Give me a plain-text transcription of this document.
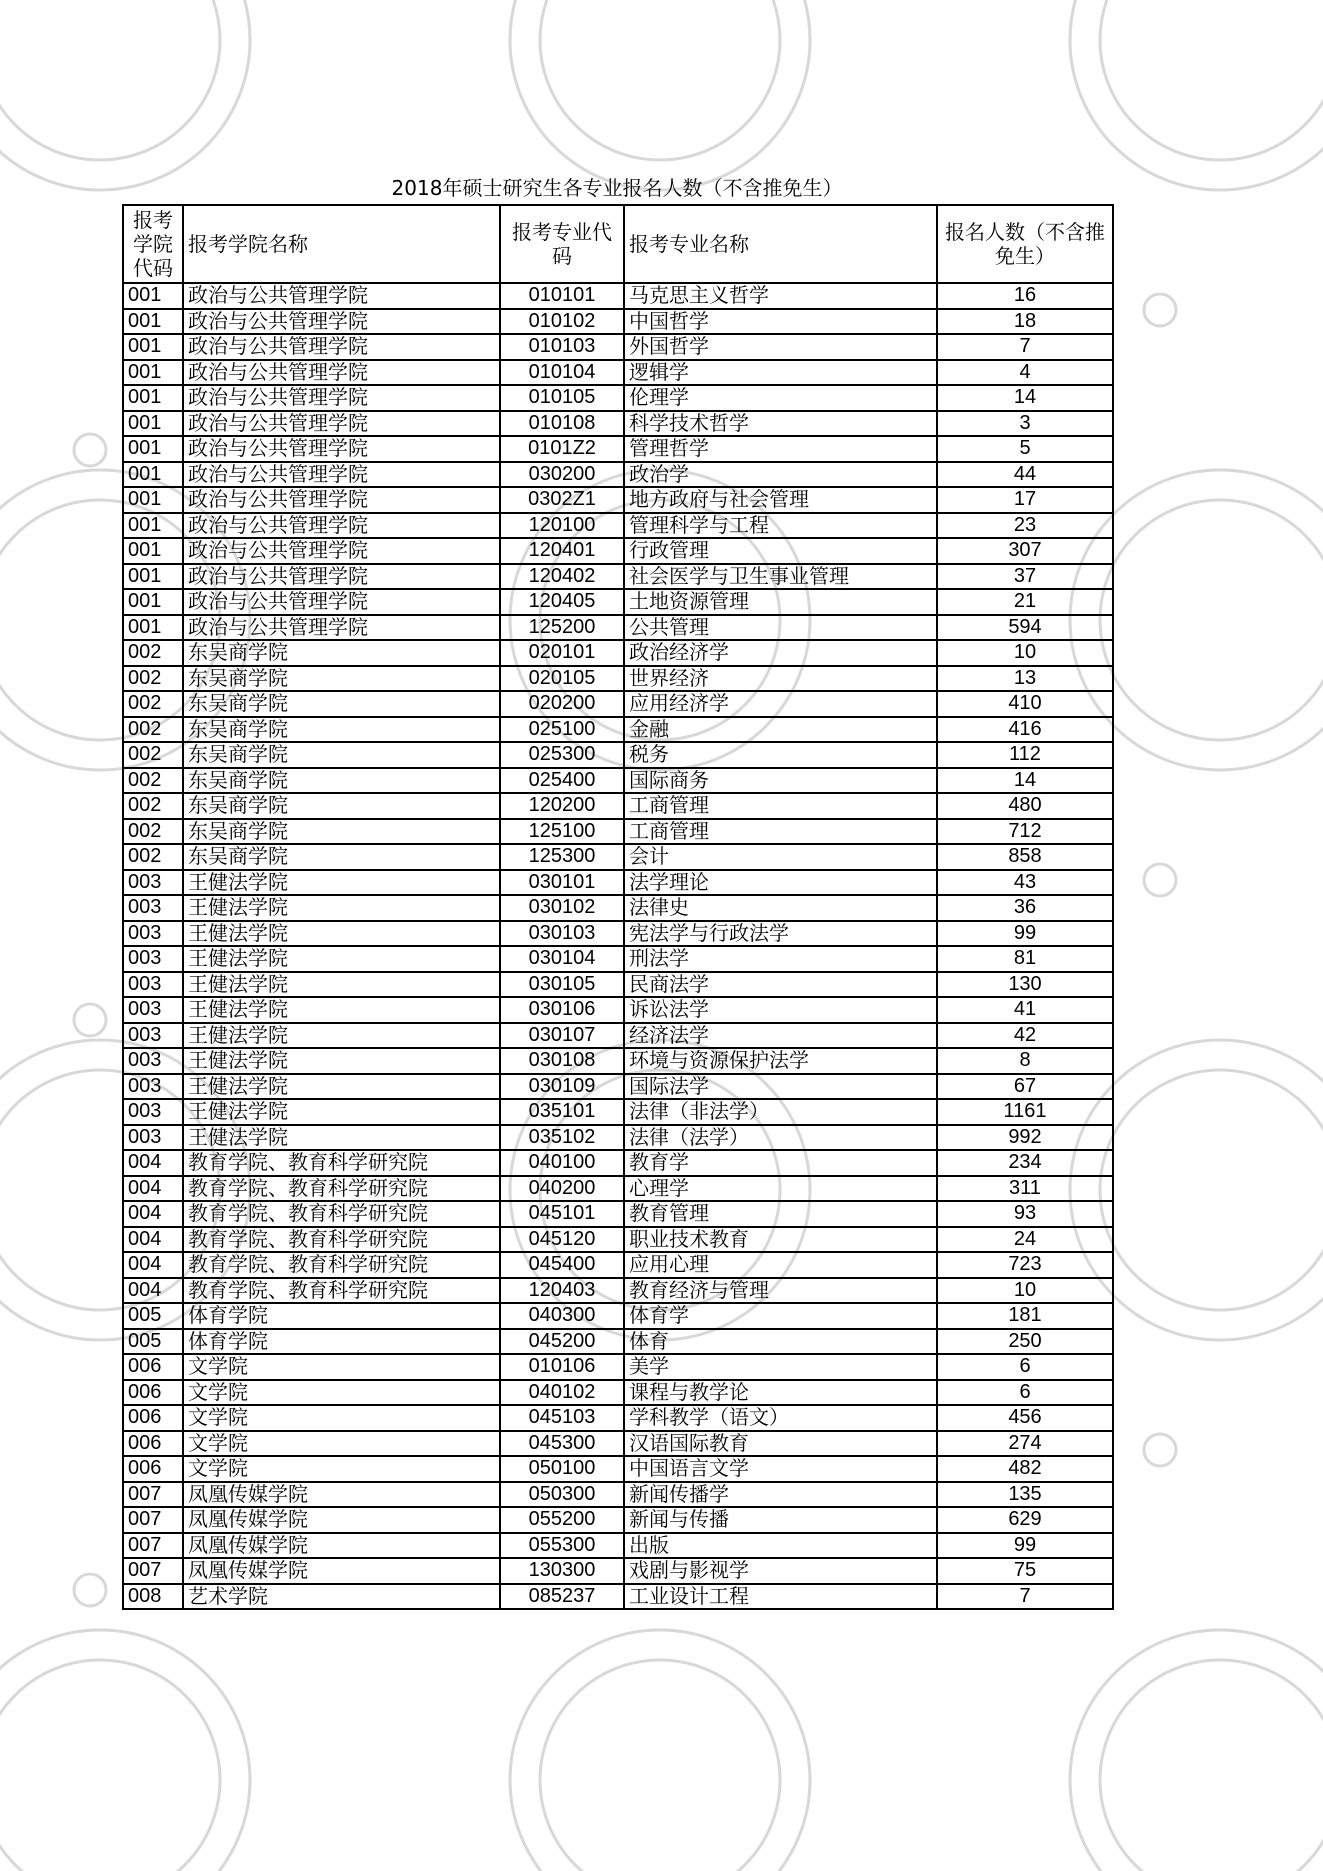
2018年硕士研究生各专业报名人数（不含推免生）
报考学院代码	报考学院名称	报考专业代码	报考专业名称	报名人数（不含推免生）
001	政治与公共管理学院	010101	马克思主义哲学	16
001	政治与公共管理学院	010102	中国哲学	18
001	政治与公共管理学院	010103	外国哲学	7
001	政治与公共管理学院	010104	逻辑学	4
001	政治与公共管理学院	010105	伦理学	14
001	政治与公共管理学院	010108	科学技术哲学	3
001	政治与公共管理学院	0101Z2	管理哲学	5
001	政治与公共管理学院	030200	政治学	44
001	政治与公共管理学院	0302Z1	地方政府与社会管理	17
001	政治与公共管理学院	120100	管理科学与工程	23
001	政治与公共管理学院	120401	行政管理	307
001	政治与公共管理学院	120402	社会医学与卫生事业管理	37
001	政治与公共管理学院	120405	土地资源管理	21
001	政治与公共管理学院	125200	公共管理	594
002	东吴商学院	020101	政治经济学	10
002	东吴商学院	020105	世界经济	13
002	东吴商学院	020200	应用经济学	410
002	东吴商学院	025100	金融	416
002	东吴商学院	025300	税务	112
002	东吴商学院	025400	国际商务	14
002	东吴商学院	120200	工商管理	480
002	东吴商学院	125100	工商管理	712
002	东吴商学院	125300	会计	858
003	王健法学院	030101	法学理论	43
003	王健法学院	030102	法律史	36
003	王健法学院	030103	宪法学与行政法学	99
003	王健法学院	030104	刑法学	81
003	王健法学院	030105	民商法学	130
003	王健法学院	030106	诉讼法学	41
003	王健法学院	030107	经济法学	42
003	王健法学院	030108	环境与资源保护法学	8
003	王健法学院	030109	国际法学	67
003	王健法学院	035101	法律（非法学）	1161
003	王健法学院	035102	法律（法学）	992
004	教育学院、教育科学研究院	040100	教育学	234
004	教育学院、教育科学研究院	040200	心理学	311
004	教育学院、教育科学研究院	045101	教育管理	93
004	教育学院、教育科学研究院	045120	职业技术教育	24
004	教育学院、教育科学研究院	045400	应用心理	723
004	教育学院、教育科学研究院	120403	教育经济与管理	10
005	体育学院	040300	体育学	181
005	体育学院	045200	体育	250
006	文学院	010106	美学	6
006	文学院	040102	课程与教学论	6
006	文学院	045103	学科教学（语文）	456
006	文学院	045300	汉语国际教育	274
006	文学院	050100	中国语言文学	482
007	凤凰传媒学院	050300	新闻传播学	135
007	凤凰传媒学院	055200	新闻与传播	629
007	凤凰传媒学院	055300	出版	99
007	凤凰传媒学院	130300	戏剧与影视学	75
008	艺术学院	085237	工业设计工程	7
